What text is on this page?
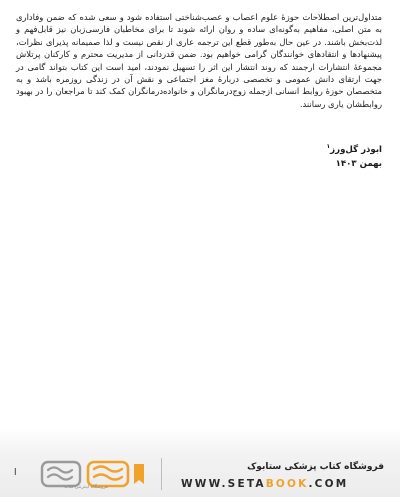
متداول‌ترین اصطلاحات حوزهٔ علوم اعصاب و عصب‌شناختی استفاده شود و سعی شده که ضمن وفاداری به متن اصلی، مفاهیم به‌گونه‌ای ساده و روان ارائه شوند تا برای مخاطبان فارسی‌زبان نیز قابل‌فهم و لذت‌بخش باشند. در عین حال به‌طور قطع این ترجمه عاری از نقص نیست و لذا صمیمانه پذیرای نظرات، پیشنهادها و انتقادهای خوانندگان گرامی خواهیم بود. ضمن قدردانی از مدیریت محترم و کارکنان پرتلاش مجموعهٔ انتشارات ارجمند که روند انتشار این اثر را تسهیل نمودند، امید است این کتاب بتواند گامی در جهت ارتقای دانش عمومی و تخصصی دربارهٔ مغز اجتماعی و نقش آن در زندگی روزمره باشد و به متخصصان حوزهٔ روابط انسانی ازجمله زوج‌درمانگران و خانواده‌درمانگران کمک کند تا مراجعان را در بهبود روابطشان یاری رسانند.

ابوذر گل‌ورز$^۱$
بهمن ۱۴۰۳
ا
فروشگاه اینترنتی کتاب
فروشگاه کتاب پزشکی ستابوک
WWW.SETABOOK.COM
